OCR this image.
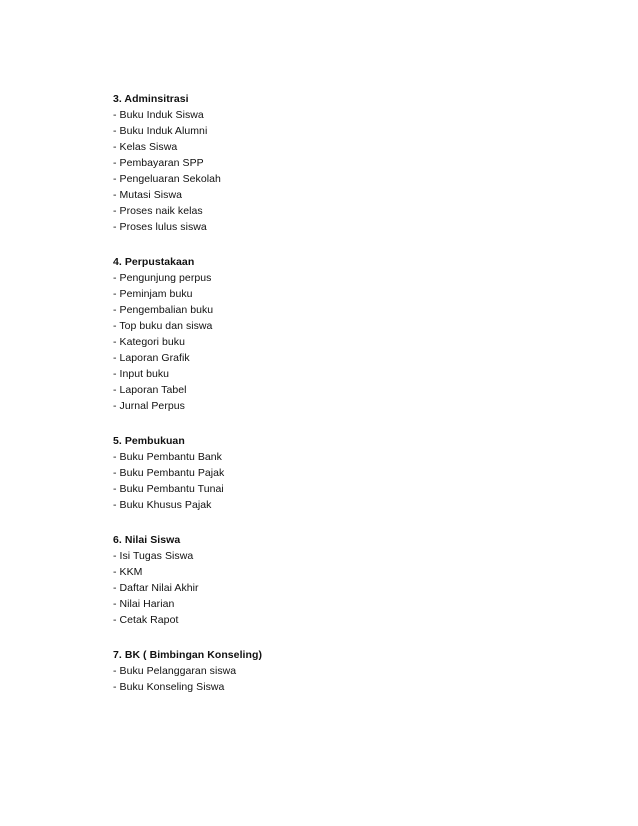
3. Adminsitrasi
- Buku Induk Siswa
- Buku Induk Alumni
- Kelas Siswa
- Pembayaran SPP
- Pengeluaran Sekolah
- Mutasi Siswa
- Proses naik kelas
- Proses lulus siswa
4. Perpustakaan
- Pengunjung perpus
- Peminjam buku
- Pengembalian buku
- Top buku dan siswa
- Kategori buku
- Laporan Grafik
- Input buku
- Laporan Tabel
- Jurnal Perpus
5. Pembukuan
- Buku Pembantu Bank
- Buku Pembantu Pajak
- Buku Pembantu Tunai
- Buku Khusus Pajak
6. Nilai Siswa
- Isi Tugas Siswa
- KKM
- Daftar Nilai Akhir
- Nilai Harian
- Cetak Rapot
7. BK ( Bimbingan Konseling)
- Buku Pelanggaran siswa
- Buku Konseling Siswa
